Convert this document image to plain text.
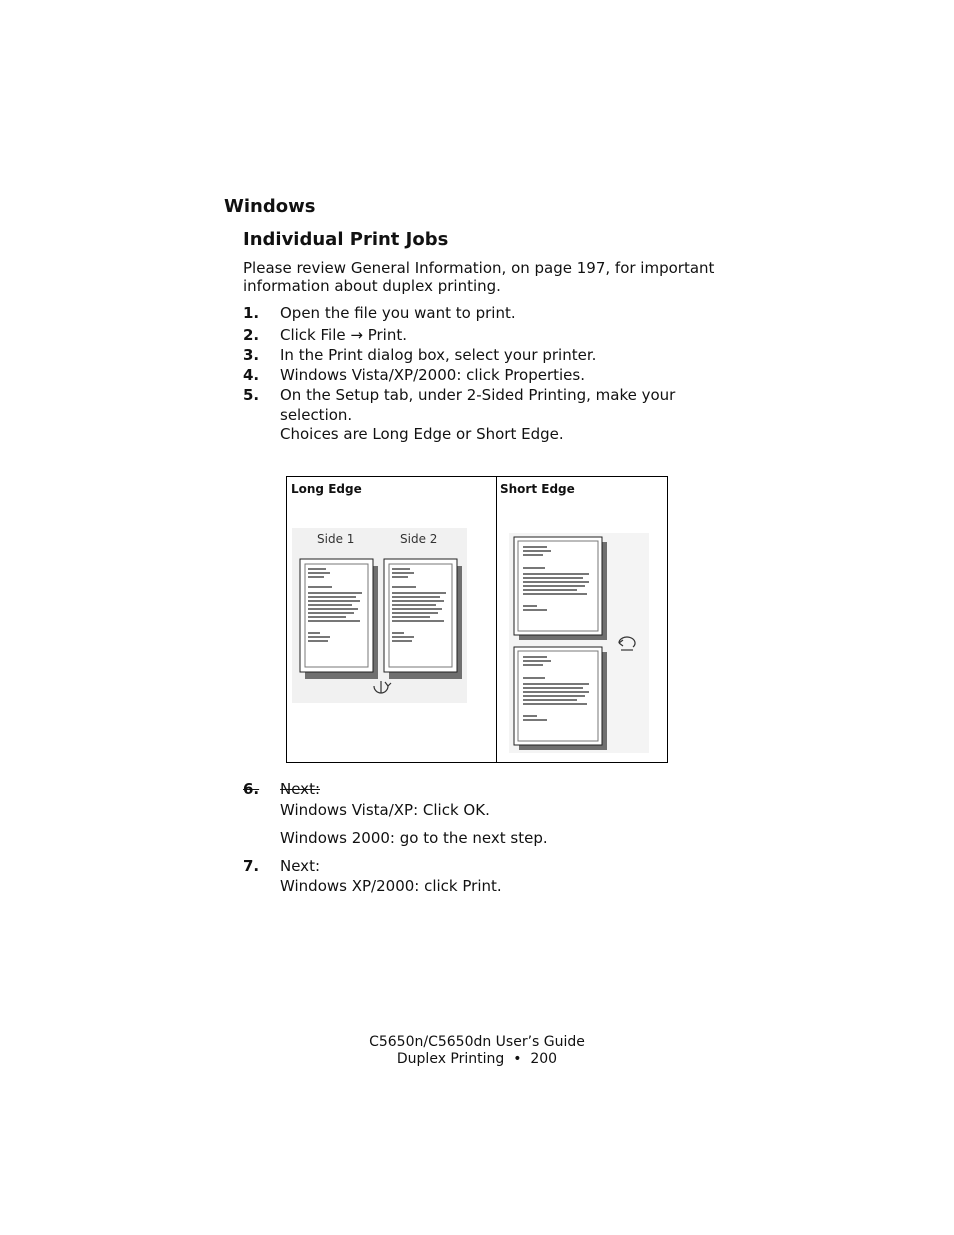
Windows
Individual Print Jobs
Please review General Information, on page 197, for important information about duplex printing.
1. Open the file you want to print.
2. Click File → Print.
3. In the Print dialog box, select your printer.
4. Windows Vista/XP/2000: click Properties.
5. On the Setup tab, under 2-Sided Printing, make your selection.
Choices are Long Edge or Short Edge.
Long Edge	Short Edge
Side 1	Side 2
6. Next:
Windows Vista/XP: Click OK.
Windows 2000: go to the next step.
7. Next:
Windows XP/2000: click Print.
C5650n/C5650dn User’s Guide
Duplex Printing • 200
